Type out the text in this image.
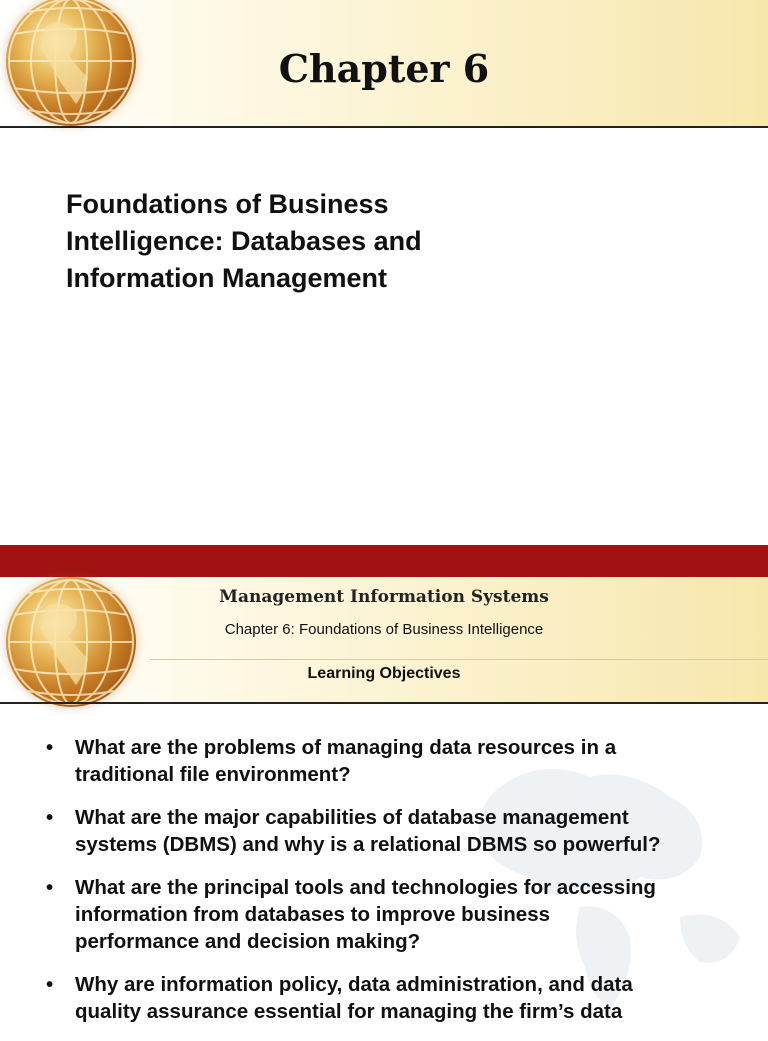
Chapter 6
Foundations of Business
Intelligence: Databases and
Information Management
Management Information Systems
Chapter 6: Foundations of Business Intelligence
Learning Objectives
• What are the problems of managing data resources in a
traditional file environment?
• What are the major capabilities of database management
systems (DBMS) and why is a relational DBMS so powerful?
• What are the principal tools and technologies for accessing
information from databases to improve business
performance and decision making?
• Why are information policy, data administration, and data
quality assurance essential for managing the firm’s data
